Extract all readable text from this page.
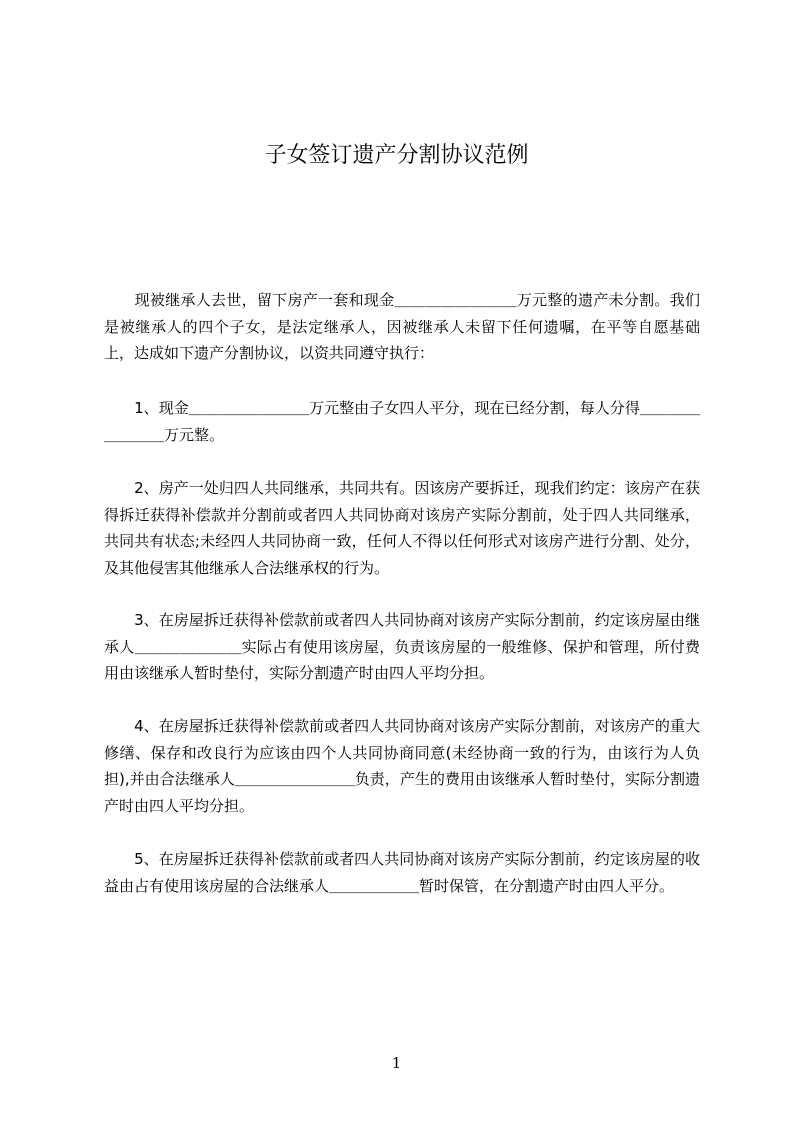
子女签订遗产分割协议范例

　　现被继承人去世，留下房产一套和现金＿＿＿＿＿＿＿＿万元整的遗产未分割。我们是被继承人的四个子女，是法定继承人，因被继承人未留下任何遗嘱，在平等自愿基础上，达成如下遗产分割协议，以资共同遵守执行：

　　1、现金＿＿＿＿＿＿＿＿万元整由子女四人平分，现在已经分割，每人分得＿＿＿＿＿＿＿＿万元整。

　　2、房产一处归四人共同继承，共同共有。因该房产要拆迁，现我们约定：该房产在获得拆迁获得补偿款并分割前或者四人共同协商对该房产实际分割前，处于四人共同继承，共同共有状态;未经四人共同协商一致，任何人不得以任何形式对该房产进行分割、处分，及其他侵害其他继承人合法继承权的行为。

　　3、在房屋拆迁获得补偿款前或者四人共同协商对该房产实际分割前，约定该房屋由继承人＿＿＿＿＿＿＿实际占有使用该房屋，负责该房屋的一般维修、保护和管理，所付费用由该继承人暂时垫付，实际分割遗产时由四人平均分担。

　　4、在房屋拆迁获得补偿款前或者四人共同协商对该房产实际分割前，对该房产的重大修缮、保存和改良行为应该由四个人共同协商同意(未经协商一致的行为，由该行为人负担),并由合法继承人＿＿＿＿＿＿＿＿负责，产生的费用由该继承人暂时垫付，实际分割遗产时由四人平均分担。

　　5、在房屋拆迁获得补偿款前或者四人共同协商对该房产实际分割前，约定该房屋的收益由占有使用该房屋的合法继承人＿＿＿＿＿＿暂时保管，在分割遗产时由四人平分。

1
